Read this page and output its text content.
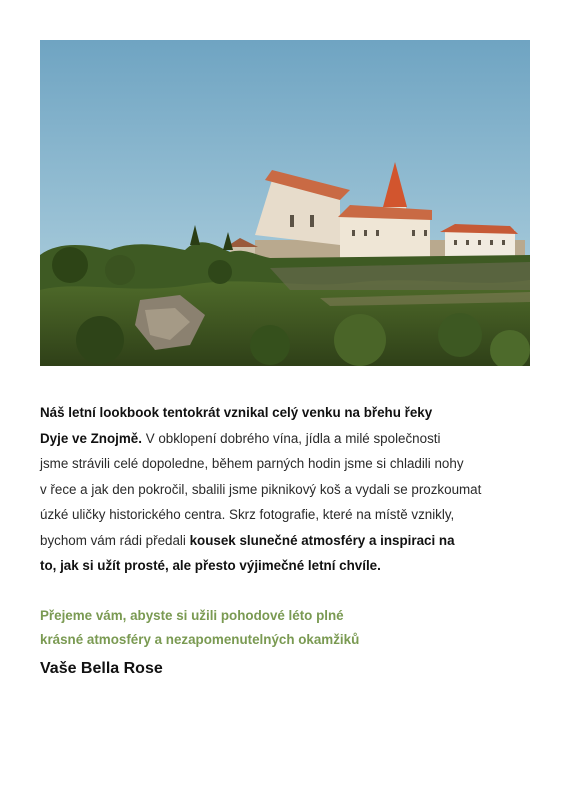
Náš letní lookbook tentokrát vznikal celý venku na břehu řeky
Dyje ve Znojmě. V obklopení dobrého vína, jídla a milé společnosti
jsme strávili celé dopoledne, během parných hodin jsme si chladili nohy
v řece a jak den pokročil, sbalili jsme piknikový koš a vydali se prozkoumat
úzké uličky historického centra. Skrz fotografie, které na místě vznikly,
bychom vám rádi předali kousek slunečné atmosféry a inspiraci na
to, jak si užít prosté, ale přesto výjimečné letní chvíle.
Přejeme vám, abyste si užili pohodové léto plné
krásné atmosféry a nezapomenutelných okamžiků
Vaše Bella Rose
